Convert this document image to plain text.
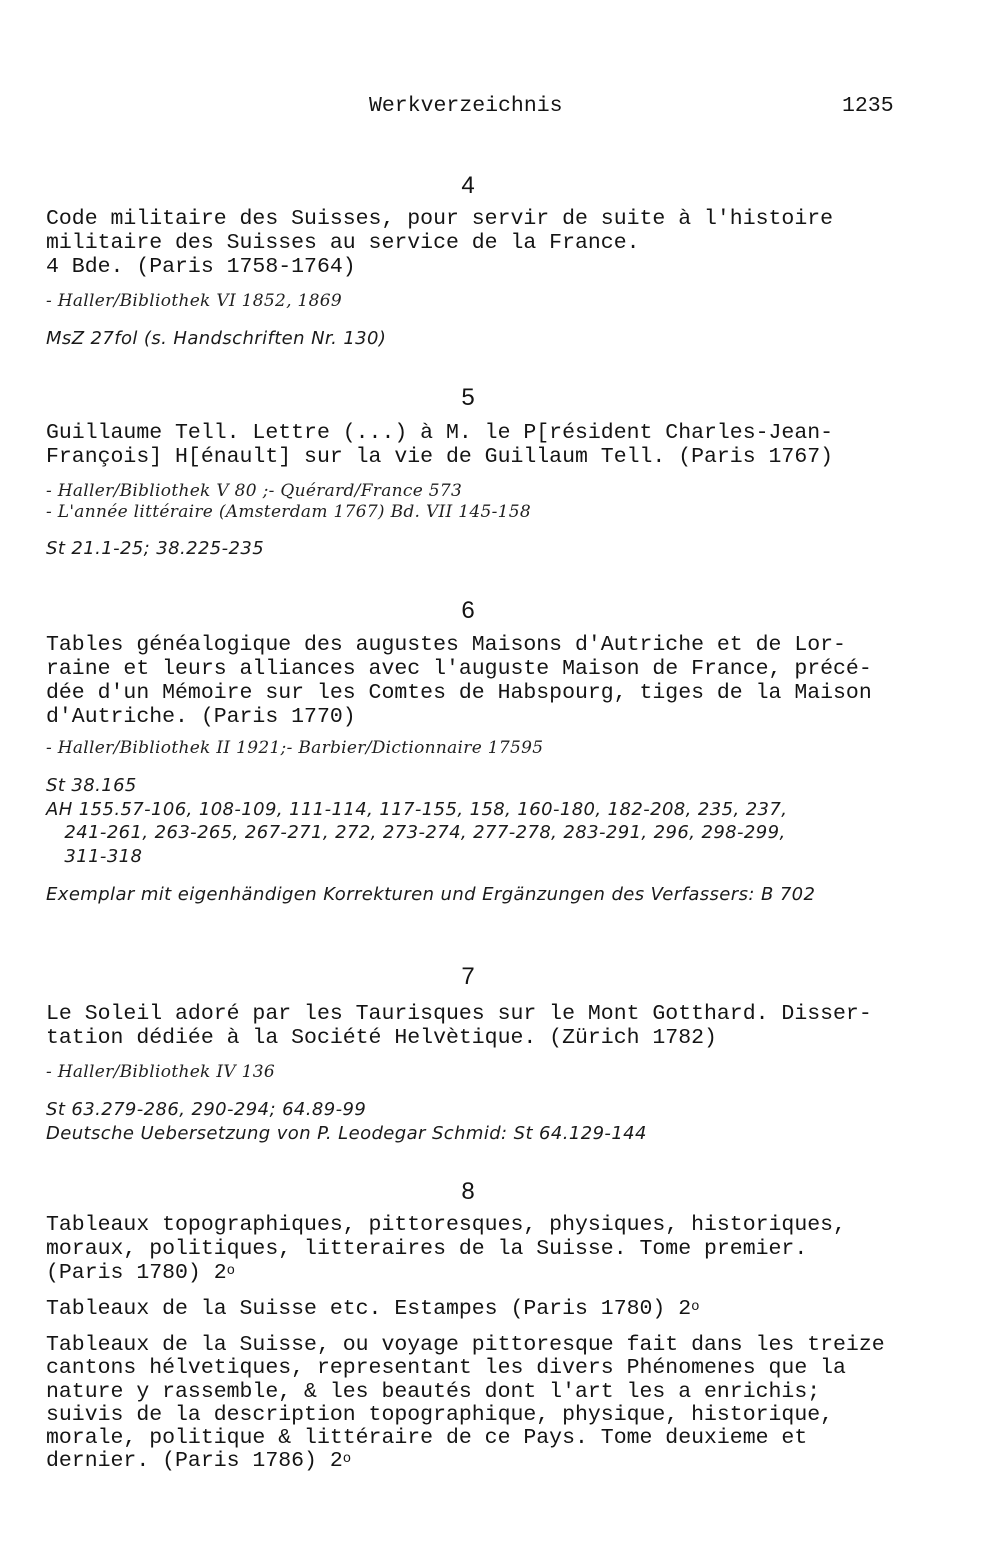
Werkverzeichnis	1235
4
Code militaire des Suisses, pour servir de suite à l'histoire
militaire des Suisses au service de la France.
4 Bde. (Paris 1758-1764)
- Haller/Bibliothek VI 1852, 1869
MsZ 27fol (s. Handschriften Nr. 130)
5
Guillaume Tell. Lettre (...) à M. le P[résident Charles-Jean-
François] H[énault] sur la vie de Guillaum Tell. (Paris 1767)
- Haller/Bibliothek V 80 ;- Quérard/France 573
- L'année littéraire (Amsterdam 1767) Bd. VII 145-158
St 21.1-25; 38.225-235
6
Tables généalogique des augustes Maisons d'Autriche et de Lor-
raine et leurs alliances avec l'auguste Maison de France, précé-
dée d'un Mémoire sur les Comtes de Habspourg, tiges de la Maison
d'Autriche. (Paris 1770)
- Haller/Bibliothek II 1921;- Barbier/Dictionnaire 17595
St 38.165
AH 155.57-106, 108-109, 111-114, 117-155, 158, 160-180, 182-208, 235, 237,
241-261, 263-265, 267-271, 272, 273-274, 277-278, 283-291, 296, 298-299,
311-318
Exemplar mit eigenhändigen Korrekturen und Ergänzungen des Verfassers: B 702
7
Le Soleil adoré par les Taurisques sur le Mont Gotthard. Disser-
tation dédiée à la Société Helvètique. (Zürich 1782)
- Haller/Bibliothek IV 136
St 63.279-286, 290-294; 64.89-99
Deutsche Uebersetzung von P. Leodegar Schmid: St 64.129-144
8
Tableaux topographiques, pittoresques, physiques, historiques,
moraux, politiques, litteraires de la Suisse. Tome premier.
(Paris 1780) 2$^o$
Tableaux de la Suisse etc. Estampes (Paris 1780) 2$^o$
Tableaux de la Suisse, ou voyage pittoresque fait dans les treize
cantons hélvetiques, representant les divers Phénomenes que la
nature y rassemble, & les beautés dont l'art les a enrichis;
suivis de la description topographique, physique, historique,
morale, politique & littéraire de ce Pays. Tome deuxieme et
dernier. (Paris 1786) 2$^o$
